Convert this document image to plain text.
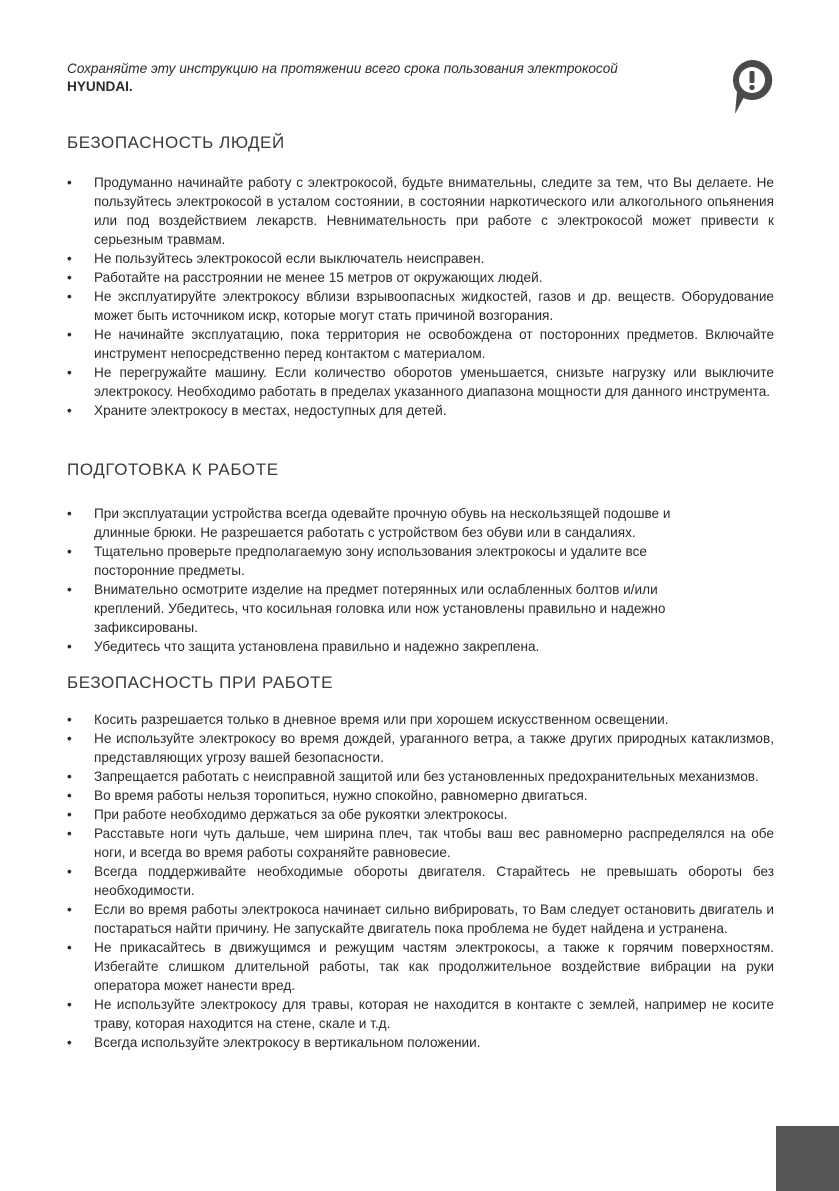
Сохраняйте эту инструкцию на протяжении всего срока пользования электрокосой
HYUNDAI.
БЕЗОПАСНОСТЬ ЛЮДЕЙ
• Продуманно начинайте работу с электрокосой, будьте внимательны, следите за тем, что Вы делаете. Не пользуйтесь электрокосой в усталом состоянии, в состоянии наркотического или алкогольного опьянения или под воздействием лекарств. Невнимательность при работе с электрокосой может привести к серьезным травмам.
• Не пользуйтесь электрокосой если выключатель неисправен.
• Работайте на расстроянии не менее 15 метров от окружающих людей.
• Не эксплуатируйте электрокосу вблизи взрывоопасных жидкостей, газов и др. веществ. Оборудование может быть источником искр, которые могут стать причиной возгорания.
• Не начинайте эксплуатацию, пока территория не освобождена от посторонних предметов. Включайте инструмент непосредственно перед контактом с материалом.
• Не перегружайте машину. Если количество оборотов уменьшается, снизьте нагрузку или выключите электрокосу. Необходимо работать в пределах указанного диапазона мощности для данного инструмента.
• Храните электрокосу в местах, недоступных для детей.
ПОДГОТОВКА К РАБОТЕ
• При эксплуатации устройства всегда одевайте прочную обувь на нескользящей подошве и длинные брюки. Не разрешается работать с устройством без обуви или в сандалиях.
• Тщательно проверьте предполагаемую зону использования электрокосы и удалите все посторонние предметы.
• Внимательно осмотрите изделие на предмет потерянных или ослабленных болтов и/или креплений. Убедитесь, что косильная головка или нож установлены правильно и надежно зафиксированы.
• Убедитесь что защита установлена правильно и надежно закреплена.
БЕЗОПАСНОСТЬ ПРИ РАБОТЕ
• Косить разрешается только в дневное время или при хорошем искусственном освещении.
• Не используйте электрокосу во время дождей, ураганного ветра, а также других природных катаклизмов, представляющих угрозу вашей безопасности.
• Запрещается работать с неисправной защитой или без установленных предохранительных механизмов.
• Во время работы нельзя торопиться, нужно спокойно, равномерно двигаться.
• При работе необходимо держаться за обе рукоятки электрокосы.
• Расставьте ноги чуть дальше, чем ширина плеч, так чтобы ваш вес равномерно распределялся на обе ноги, и всегда во время работы сохраняйте равновесие.
• Всегда поддерживайте необходимые обороты двигателя. Старайтесь не превышать обороты без необходимости.
• Если во время работы электрокоса начинает сильно вибрировать, то Вам следует остановить двигатель и постараться найти причину. Не запускайте двигатель пока проблема не будет найдена и устранена.
• Не прикасайтесь в движущимся и режущим частям электрокосы, а также к горячим поверхностям. Избегайте слишком длительной работы, так как продолжительное воздействие вибрации на руки оператора может нанести вред.
• Не используйте электрокосу для травы, которая не находится в контакте с землей, например не косите траву, которая находится на стене, скале и т.д.
• Всегда используйте электрокосу в вертикальном положении.
